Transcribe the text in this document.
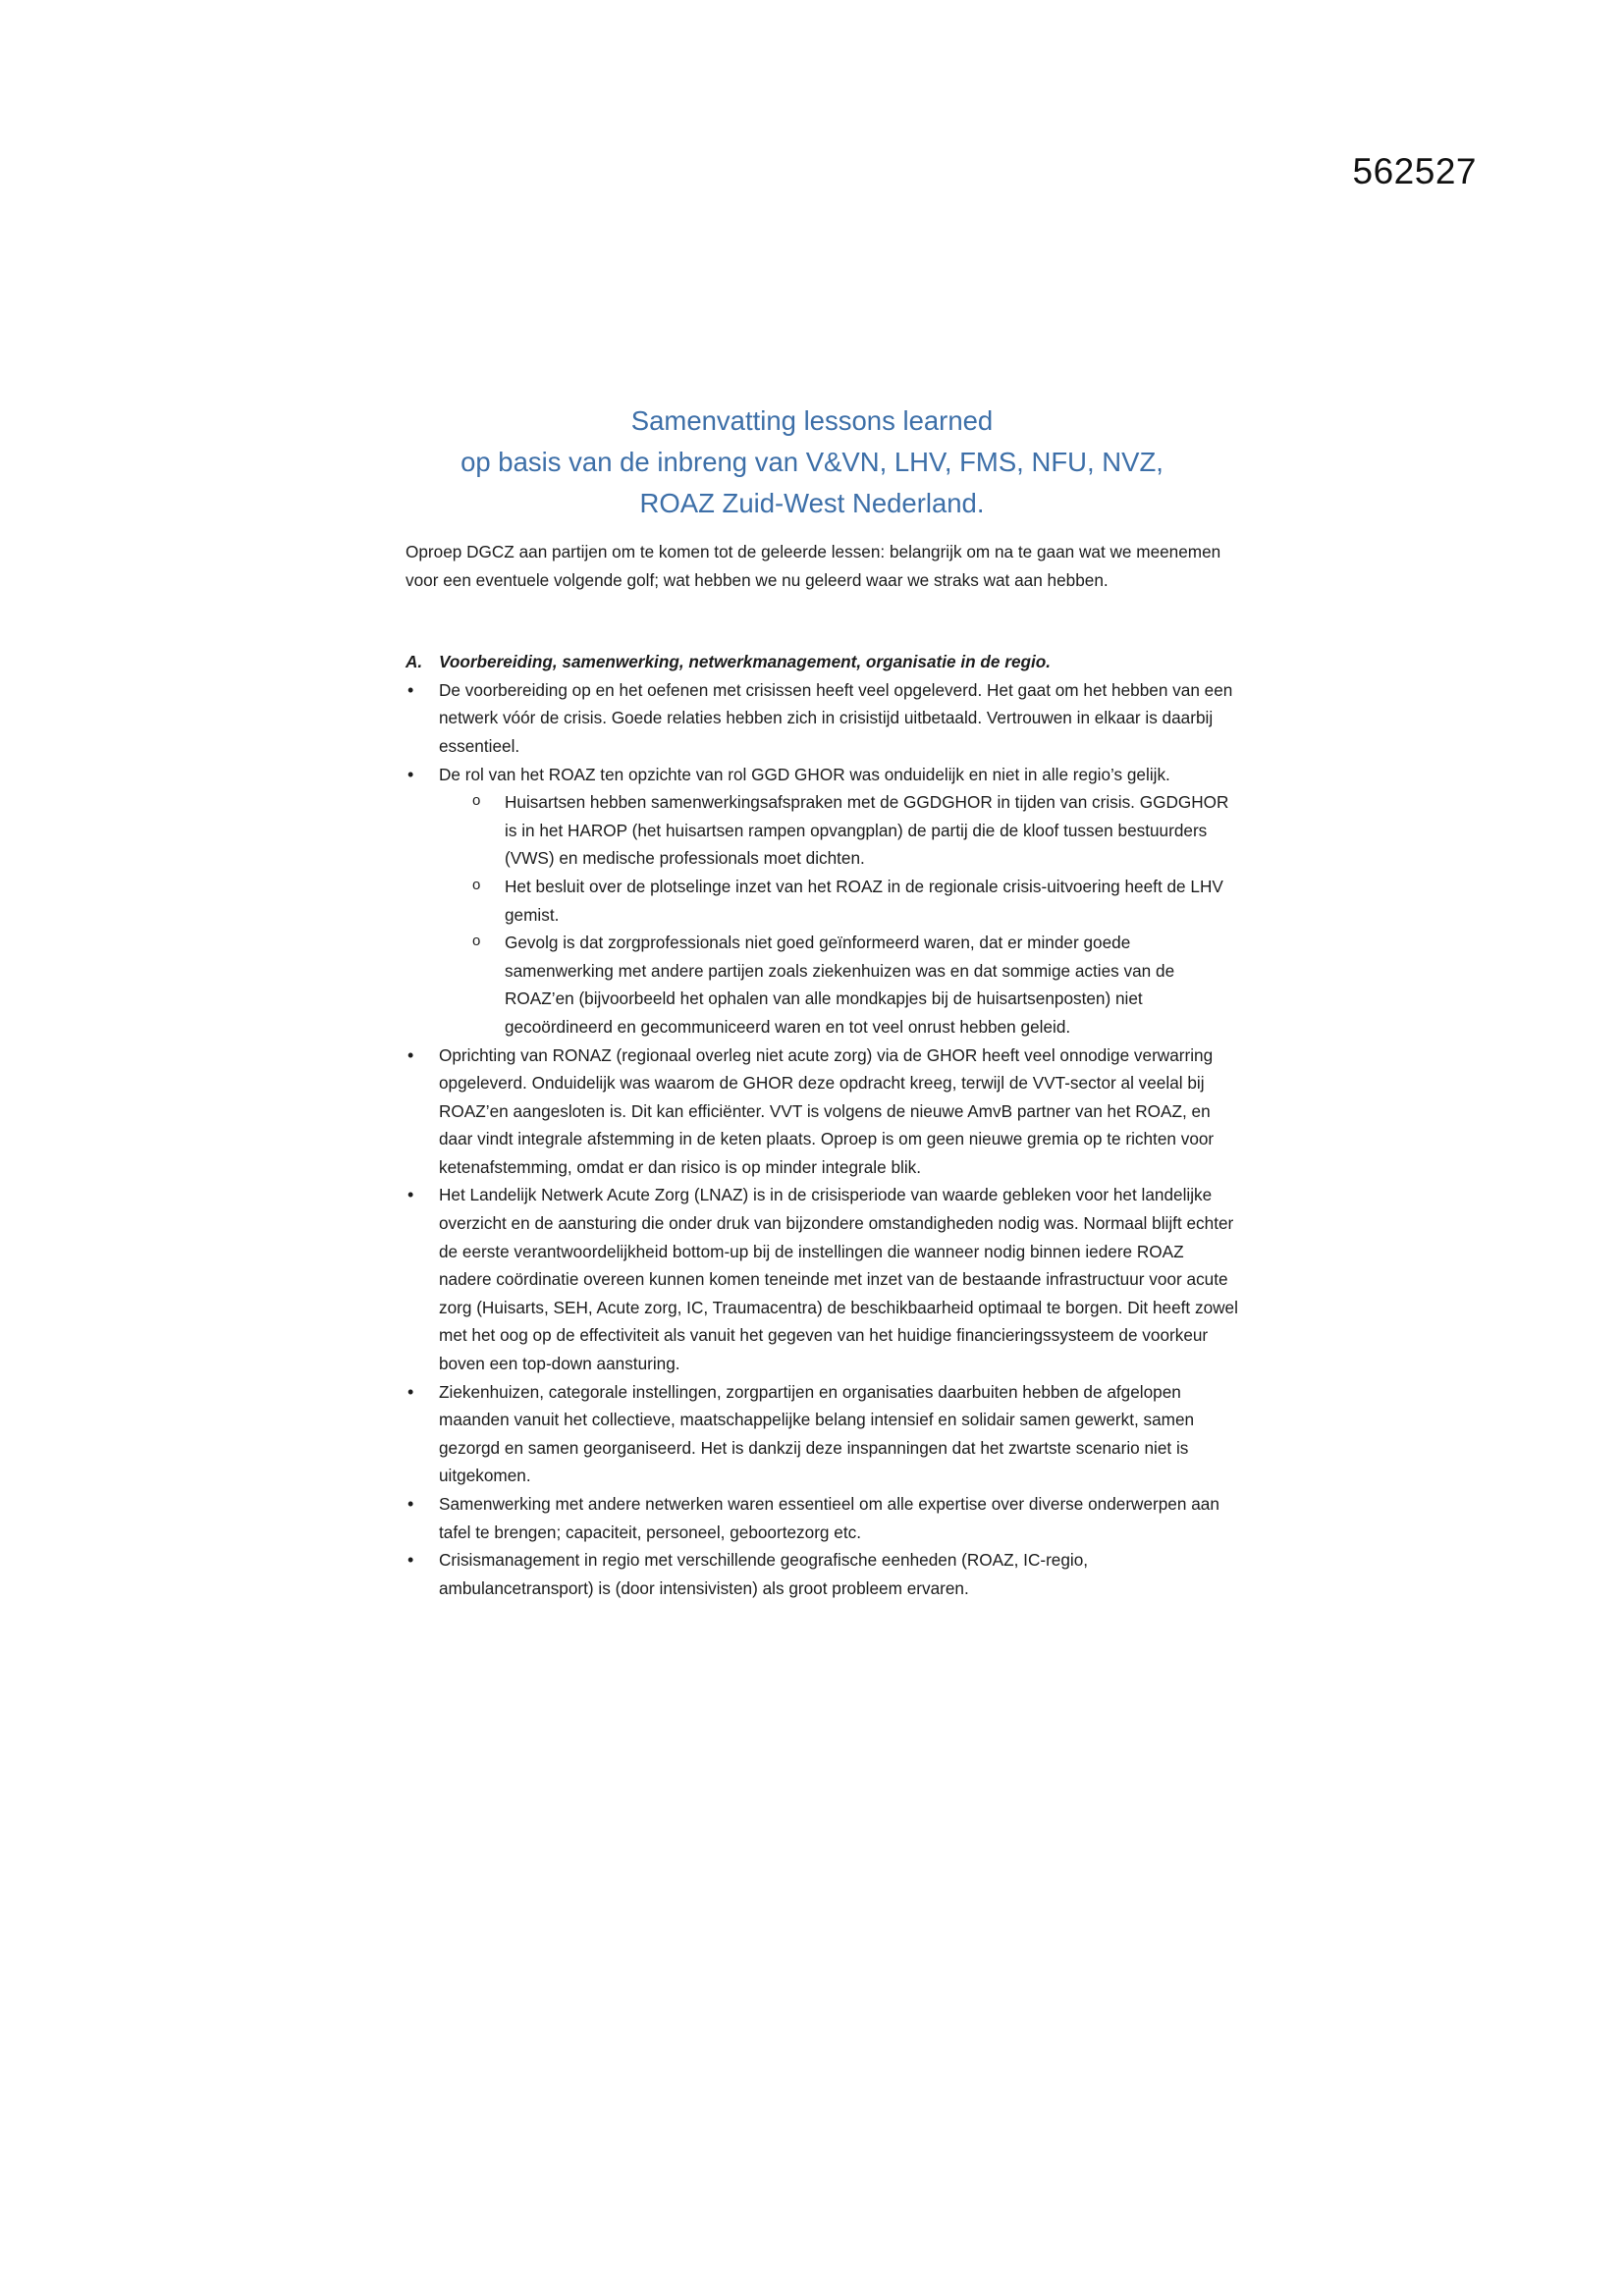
562527
Samenvatting lessons learned
op basis van de inbreng van V&VN, LHV, FMS, NFU, NVZ,
ROAZ Zuid-West Nederland.

Oproep DGCZ aan partijen om te komen tot de geleerde lessen: belangrijk om na te gaan wat we meenemen voor een eventuele volgende golf; wat hebben we nu geleerd waar we straks wat aan hebben.

A. Voorbereiding, samenwerking, netwerkmanagement, organisatie in de regio.
• De voorbereiding op en het oefenen met crisissen heeft veel opgeleverd. Het gaat om het hebben van een netwerk vóór de crisis. Goede relaties hebben zich in crisistijd uitbetaald. Vertrouwen in elkaar is daarbij essentieel.
• De rol van het ROAZ ten opzichte van rol GGD GHOR was onduidelijk en niet in alle regio’s gelijk.
o Huisartsen hebben samenwerkingsafspraken met de GGDGHOR in tijden van crisis. GGDGHOR is in het HAROP (het huisartsen rampen opvangplan) de partij die de kloof tussen bestuurders (VWS) en medische professionals moet dichten.
o Het besluit over de plotselinge inzet van het ROAZ in de regionale crisis-uitvoering heeft de LHV gemist.
o Gevolg is dat zorgprofessionals niet goed geïnformeerd waren, dat er minder goede samenwerking met andere partijen zoals ziekenhuizen was en dat sommige acties van de ROAZ’en (bijvoorbeeld het ophalen van alle mondkapjes bij de huisartsenposten) niet gecoördineerd en gecommuniceerd waren en tot veel onrust hebben geleid.
• Oprichting van RONAZ (regionaal overleg niet acute zorg) via de GHOR heeft veel onnodige verwarring opgeleverd. Onduidelijk was waarom de GHOR deze opdracht kreeg, terwijl de VVT-sector al veelal bij ROAZ’en aangesloten is. Dit kan efficiënter. VVT is volgens de nieuwe AmvB partner van het ROAZ, en daar vindt integrale afstemming in de keten plaats. Oproep is om geen nieuwe gremia op te richten voor ketenafstemming, omdat er dan risico is op minder integrale blik.
• Het Landelijk Netwerk Acute Zorg (LNAZ) is in de crisisperiode van waarde gebleken voor het landelijke overzicht en de aansturing die onder druk van bijzondere omstandigheden nodig was. Normaal blijft echter de eerste verantwoordelijkheid bottom-up bij de instellingen die wanneer nodig binnen iedere ROAZ nadere coördinatie overeen kunnen komen teneinde met inzet van de bestaande infrastructuur voor acute zorg (Huisarts, SEH, Acute zorg, IC, Traumacentra) de beschikbaarheid optimaal te borgen. Dit heeft zowel met het oog op de effectiviteit als vanuit het gegeven van het huidige financieringssysteem de voorkeur boven een top-down aansturing.
• Ziekenhuizen, categorale instellingen, zorgpartijen en organisaties daarbuiten hebben de afgelopen maanden vanuit het collectieve, maatschappelijke belang intensief en solidair samen gewerkt, samen gezorgd en samen georganiseerd. Het is dankzij deze inspanningen dat het zwartste scenario niet is uitgekomen.
• Samenwerking met andere netwerken waren essentieel om alle expertise over diverse onderwerpen aan tafel te brengen; capaciteit, personeel, geboortezorg etc.
• Crisismanagement in regio met verschillende geografische eenheden (ROAZ, IC-regio, ambulancetransport) is (door intensivisten) als groot probleem ervaren.
